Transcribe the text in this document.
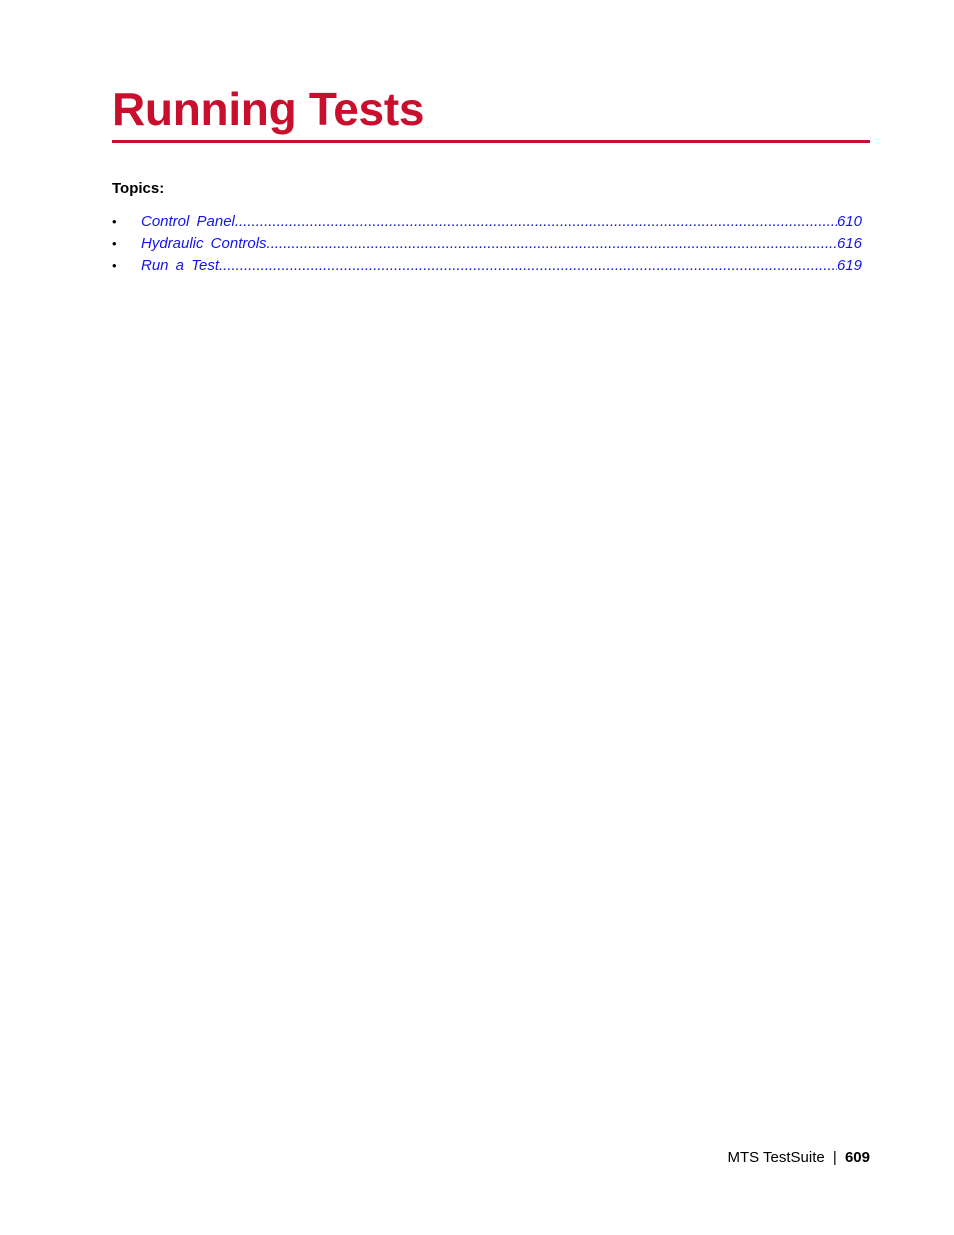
Running Tests

Topics:

•	Control Panel .....	610
•	Hydraulic Controls .....	616
•	Run a Test .....	619
MTS TestSuite | 609
